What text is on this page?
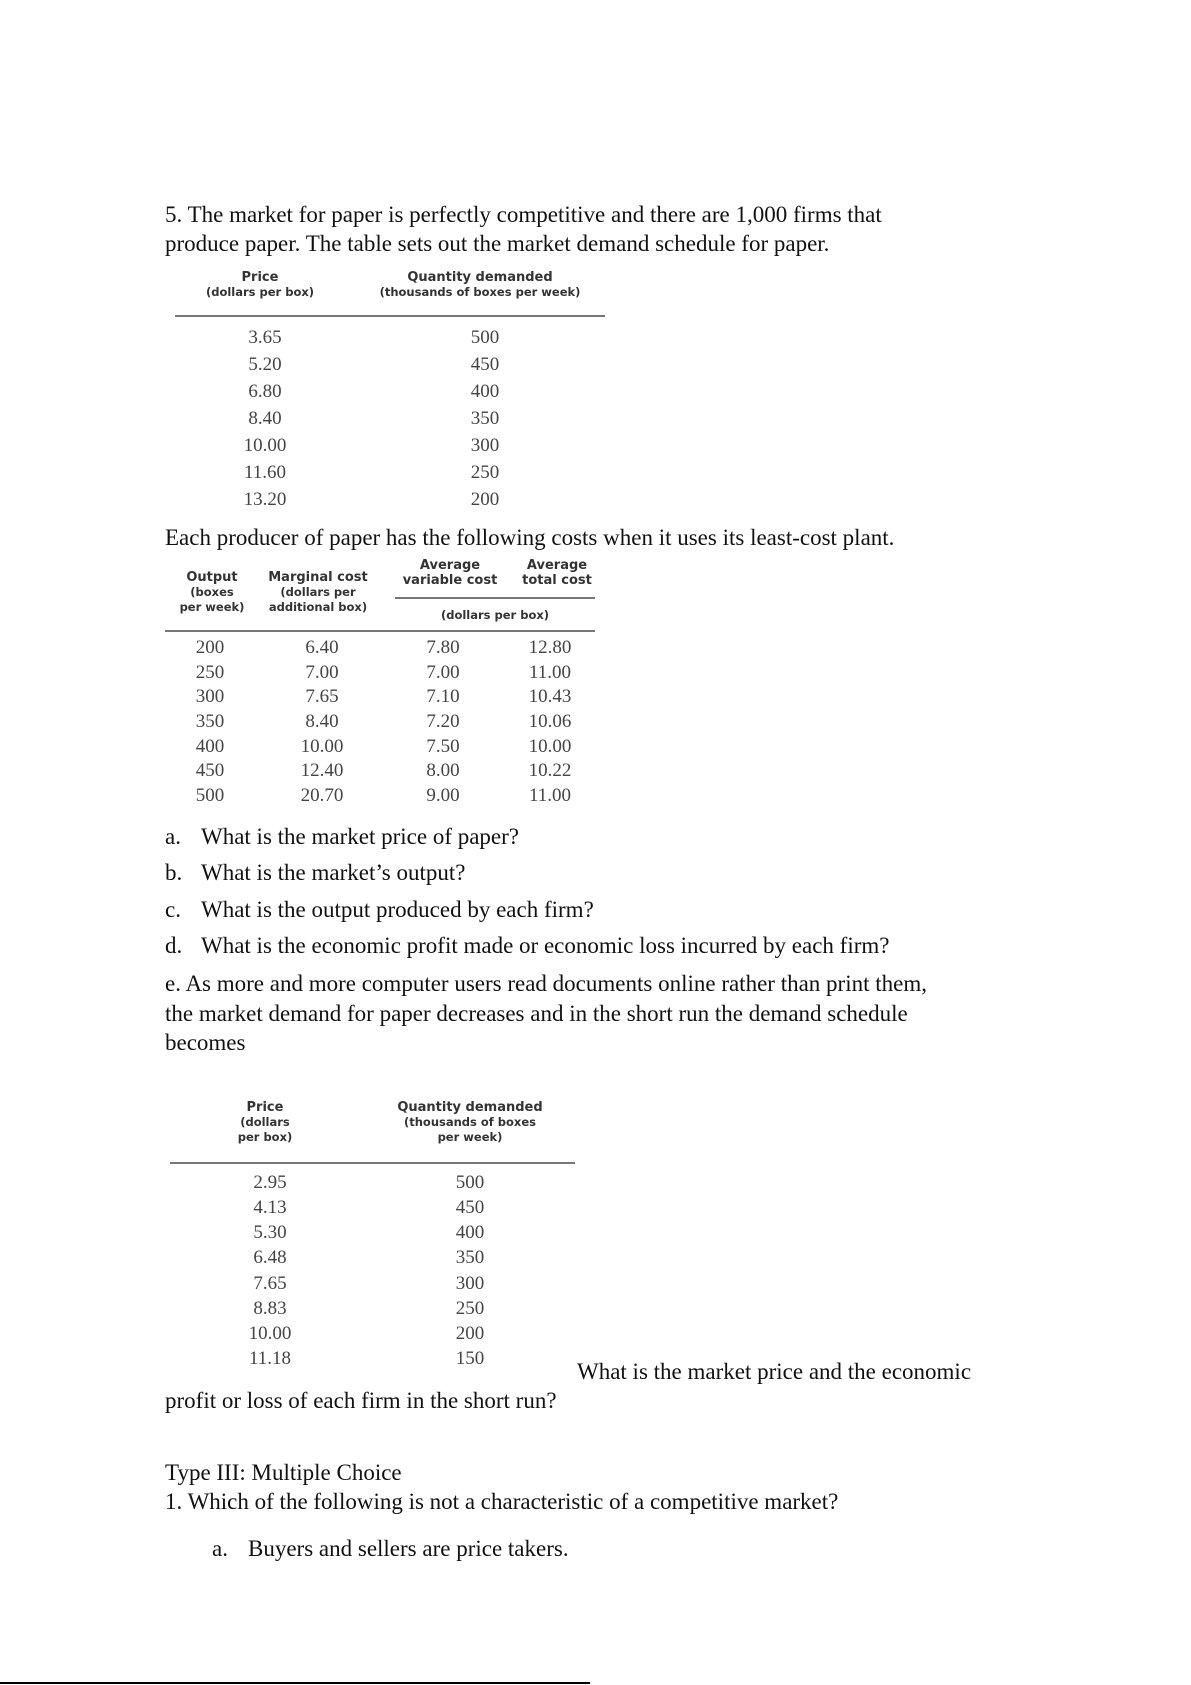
5. The market for paper is perfectly competitive and there are 1,000 firms that
produce paper. The table sets out the market demand schedule for paper.
Price
(dollars per box)
Quantity demanded
(thousands of boxes per week)
3.65	500
5.20	450
6.80	400
8.40	350
10.00	300
11.60	250
13.20	200
Each producer of paper has the following costs when it uses its least-cost plant.
Output
(boxes
per week)
Marginal cost
(dollars per
additional box)
Average
variable cost
Average
total cost
(dollars per box)
200	6.40	7.80	12.80
250	7.00	7.00	11.00
300	7.65	7.10	10.43
350	8.40	7.20	10.06
400	10.00	7.50	10.00
450	12.40	8.00	10.22
500	20.70	9.00	11.00
a. What is the market price of paper?
b. What is the market’s output?
c. What is the output produced by each firm?
d. What is the economic profit made or economic loss incurred by each firm?
e. As more and more computer users read documents online rather than print them,
the market demand for paper decreases and in the short run the demand schedule
becomes
Price
(dollars
per box)
Quantity demanded
(thousands of boxes
per week)
2.95	500
4.13	450
5.30	400
6.48	350
7.65	300
8.83	250
10.00	200
11.18	150
What is the market price and the economic
profit or loss of each firm in the short run?
Type III: Multiple Choice
1. Which of the following is not a characteristic of a competitive market?
a. Buyers and sellers are price takers.
